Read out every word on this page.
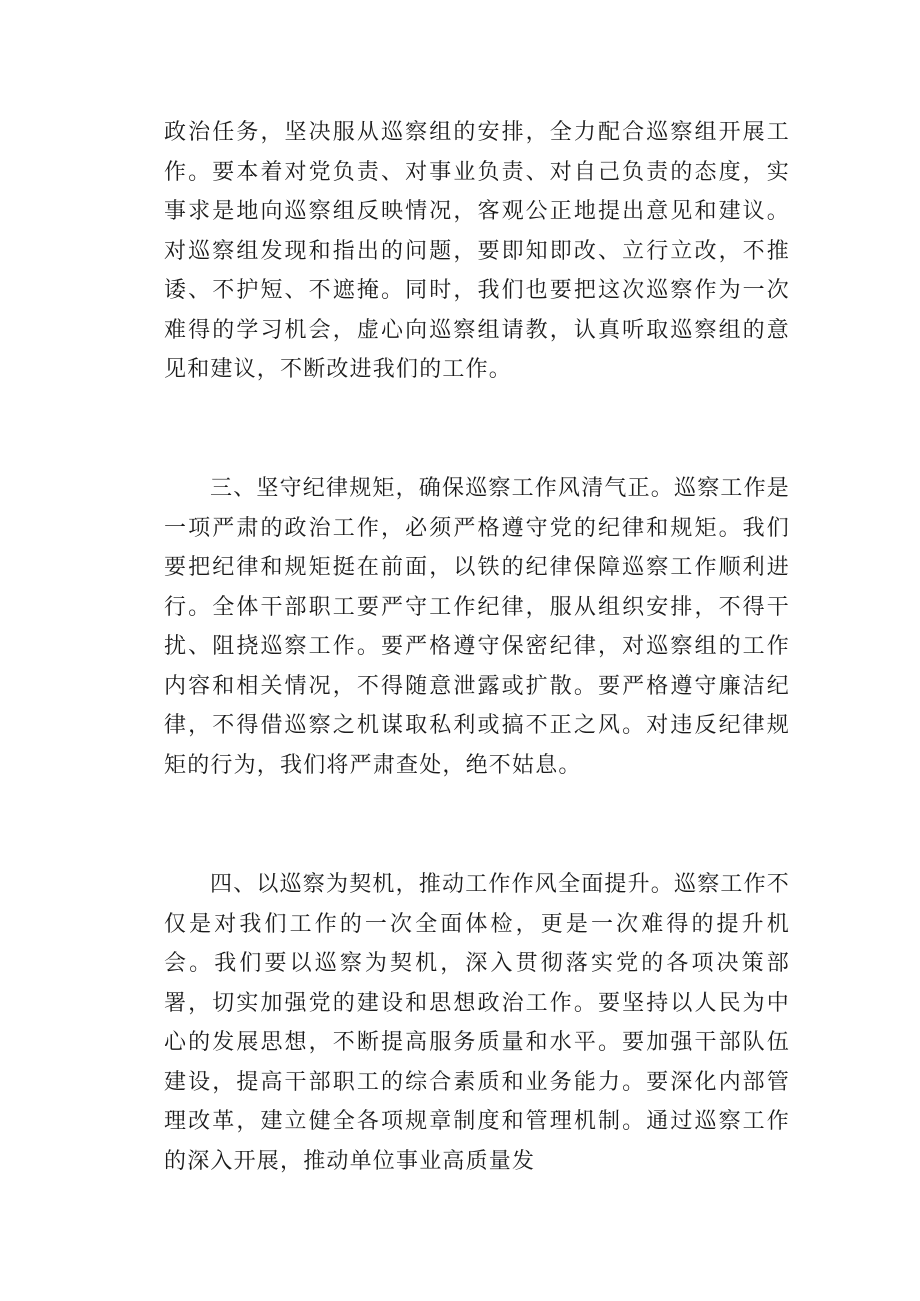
政治任务，坚决服从巡察组的安排，全力配合巡察组开展工作。要本着对党负责、对事业负责、对自己负责的态度，实事求是地向巡察组反映情况，客观公正地提出意见和建议。对巡察组发现和指出的问题，要即知即改、立行立改，不推诿、不护短、不遮掩。同时，我们也要把这次巡察作为一次难得的学习机会，虚心向巡察组请教，认真听取巡察组的意见和建议，不断改进我们的工作。

三、坚守纪律规矩，确保巡察工作风清气正。巡察工作是一项严肃的政治工作，必须严格遵守党的纪律和规矩。我们要把纪律和规矩挺在前面，以铁的纪律保障巡察工作顺利进行。全体干部职工要严守工作纪律，服从组织安排，不得干扰、阻挠巡察工作。要严格遵守保密纪律，对巡察组的工作内容和相关情况，不得随意泄露或扩散。要严格遵守廉洁纪律，不得借巡察之机谋取私利或搞不正之风。对违反纪律规矩的行为，我们将严肃查处，绝不姑息。

四、以巡察为契机，推动工作作风全面提升。巡察工作不仅是对我们工作的一次全面体检，更是一次难得的提升机会。我们要以巡察为契机，深入贯彻落实党的各项决策部署，切实加强党的建设和思想政治工作。要坚持以人民为中心的发展思想，不断提高服务质量和水平。要加强干部队伍建设，提高干部职工的综合素质和业务能力。要深化内部管理改革，建立健全各项规章制度和管理机制。通过巡察工作的深入开展，推动单位事业高质量发
